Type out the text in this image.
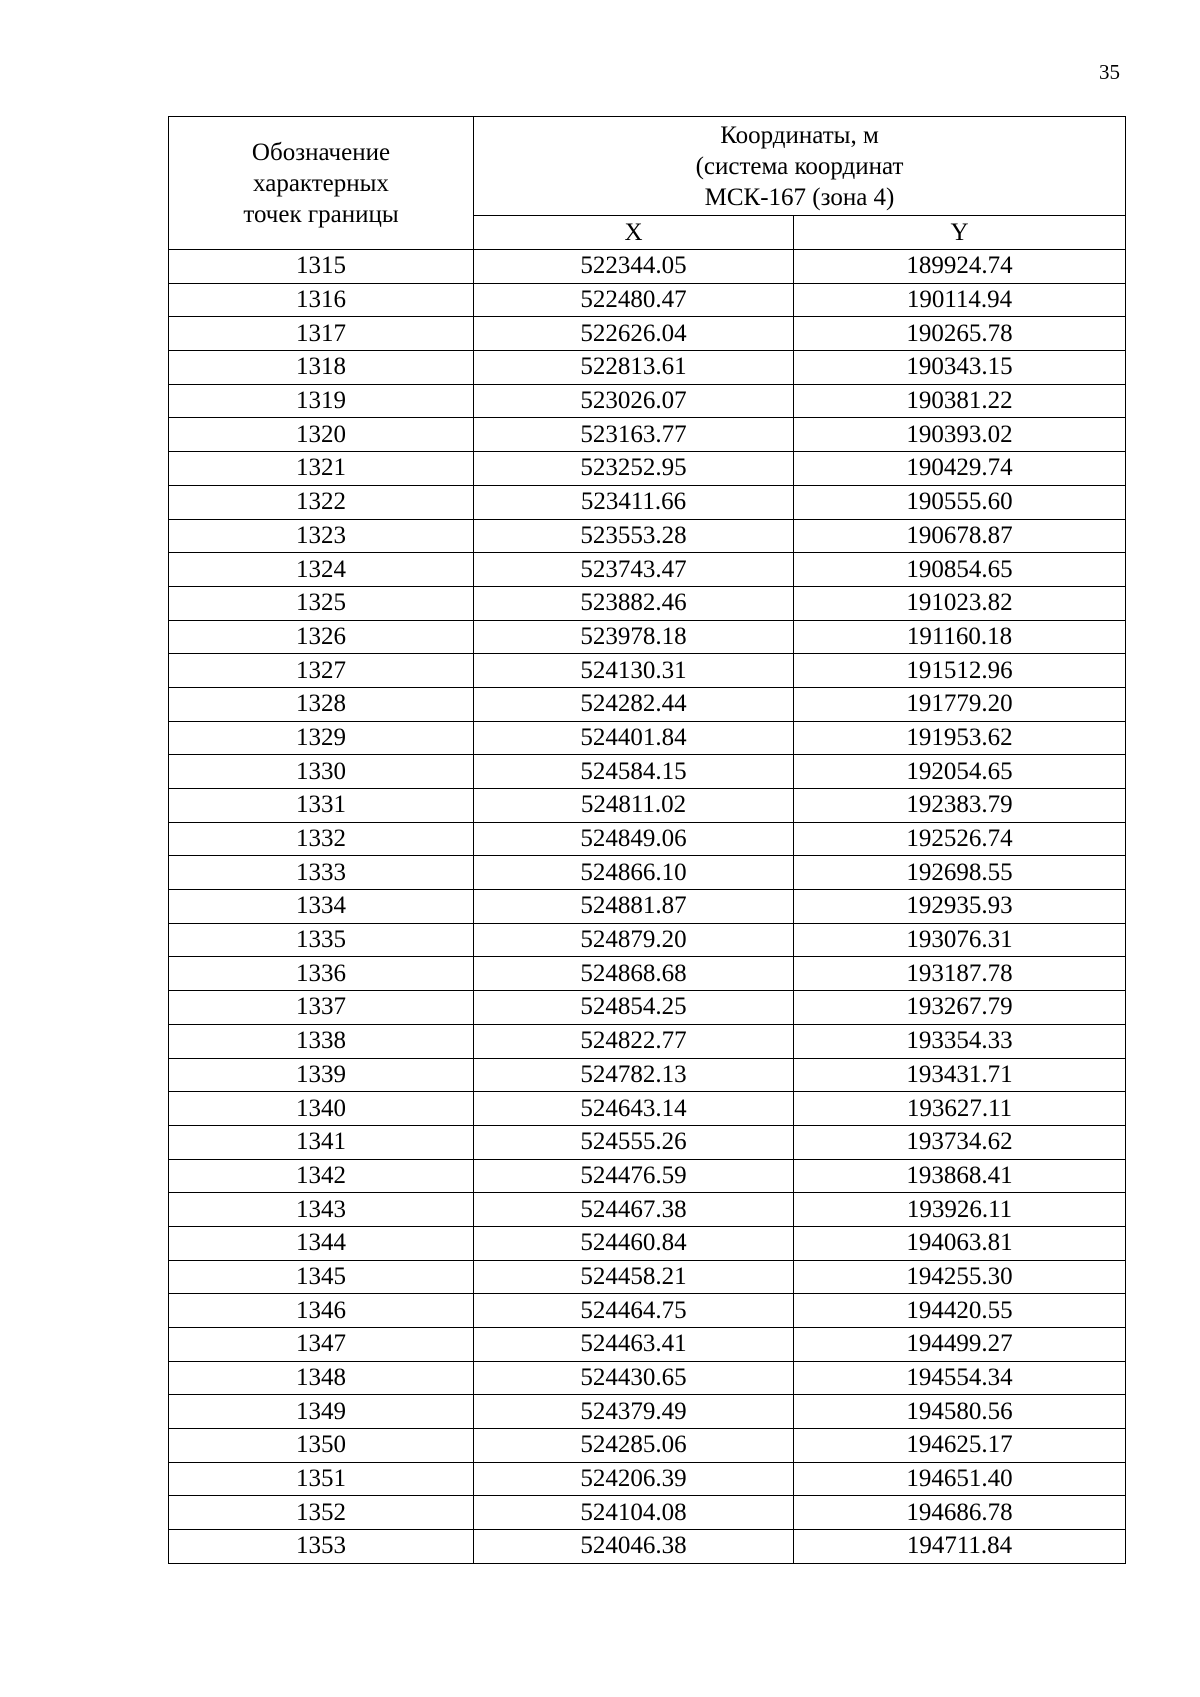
35
Обозначение
характерных
точек границы	Координаты, м
(система координат
МСК-167 (зона 4)	

	X	Y
1315	522344.05	189924.74
1316	522480.47	190114.94
1317	522626.04	190265.78
1318	522813.61	190343.15
1319	523026.07	190381.22
1320	523163.77	190393.02
1321	523252.95	190429.74
1322	523411.66	190555.60
1323	523553.28	190678.87
1324	523743.47	190854.65
1325	523882.46	191023.82
1326	523978.18	191160.18
1327	524130.31	191512.96
1328	524282.44	191779.20
1329	524401.84	191953.62
1330	524584.15	192054.65
1331	524811.02	192383.79
1332	524849.06	192526.74
1333	524866.10	192698.55
1334	524881.87	192935.93
1335	524879.20	193076.31
1336	524868.68	193187.78
1337	524854.25	193267.79
1338	524822.77	193354.33
1339	524782.13	193431.71
1340	524643.14	193627.11
1341	524555.26	193734.62
1342	524476.59	193868.41
1343	524467.38	193926.11
1344	524460.84	194063.81
1345	524458.21	194255.30
1346	524464.75	194420.55
1347	524463.41	194499.27
1348	524430.65	194554.34
1349	524379.49	194580.56
1350	524285.06	194625.17
1351	524206.39	194651.40
1352	524104.08	194686.78
1353	524046.38	194711.84
